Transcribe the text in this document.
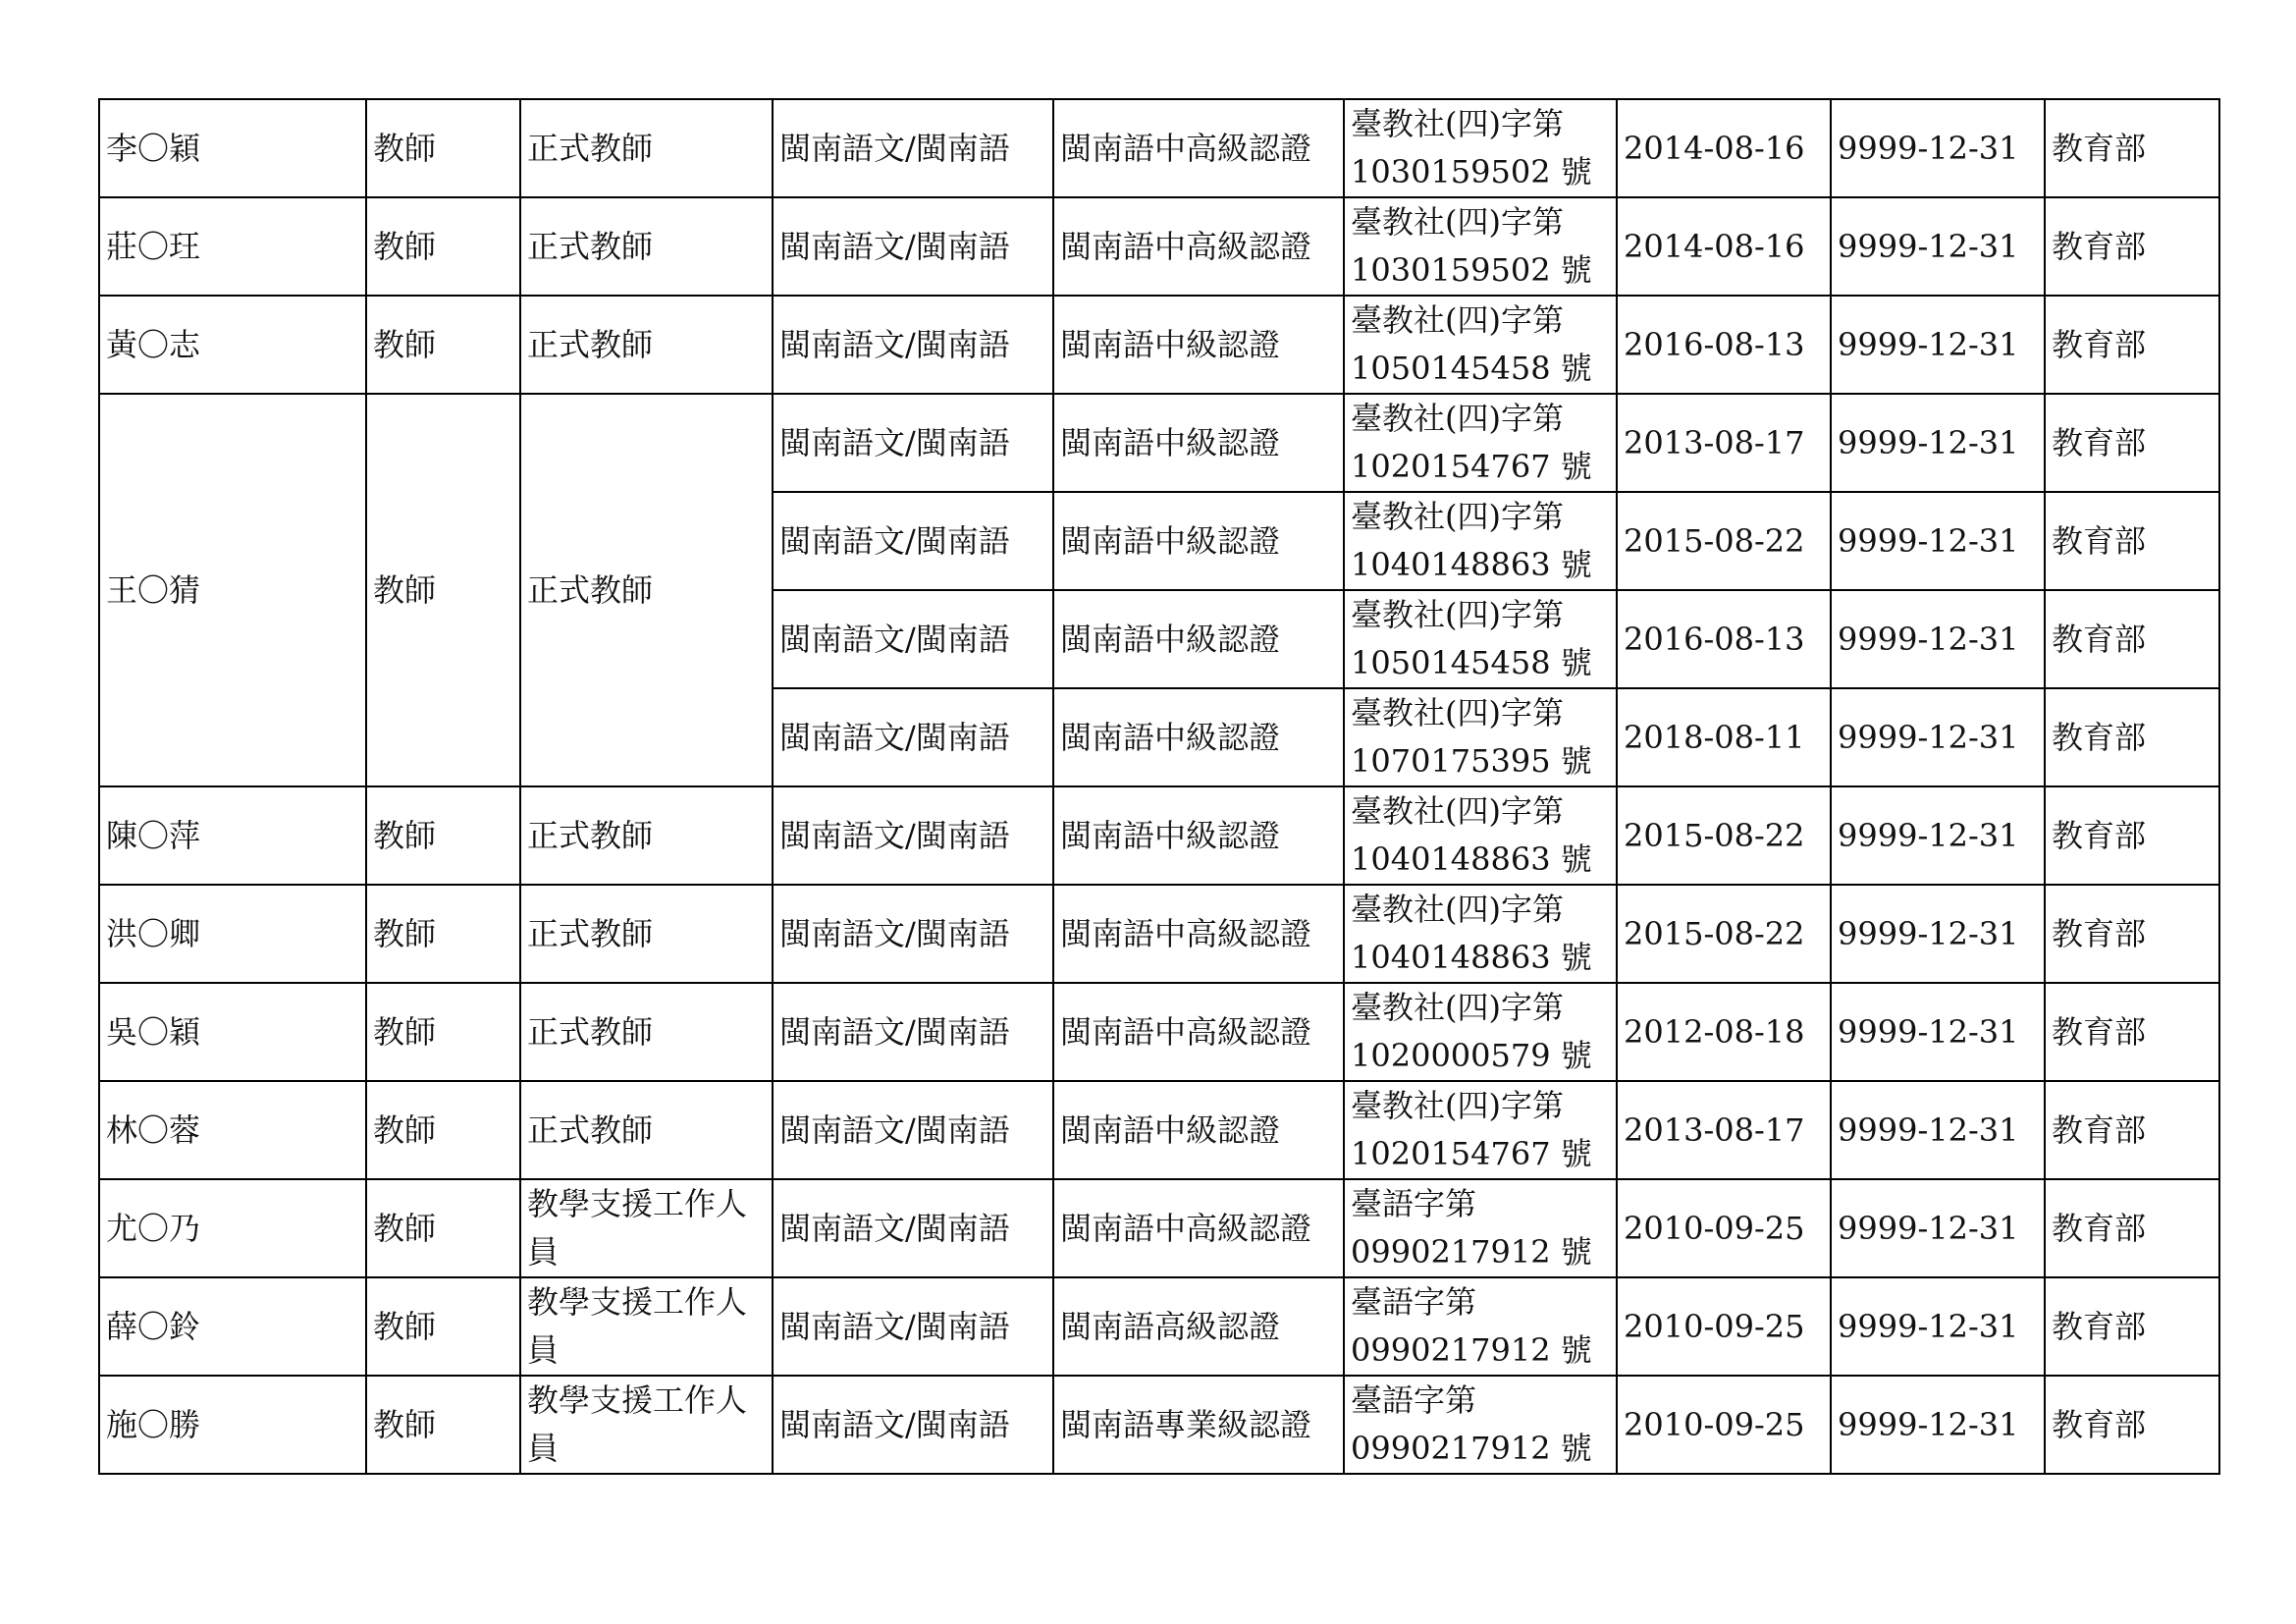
李〇穎	教師	正式教師	閩南語文/閩南語	閩南語中高級認證	臺教社(四)字第
1030159502 號	2014-08-16	9999-12-31	教育部
莊〇玨	教師	正式教師	閩南語文/閩南語	閩南語中高級認證	臺教社(四)字第
1030159502 號	2014-08-16	9999-12-31	教育部
黃〇志	教師	正式教師	閩南語文/閩南語	閩南語中級認證	臺教社(四)字第
1050145458 號	2016-08-13	9999-12-31	教育部
王〇猜	教師	正式教師	閩南語文/閩南語	閩南語中級認證	臺教社(四)字第
1020154767 號	2013-08-17	9999-12-31	教育部
			閩南語文/閩南語	閩南語中級認證	臺教社(四)字第
1040148863 號	2015-08-22	9999-12-31	教育部
			閩南語文/閩南語	閩南語中級認證	臺教社(四)字第
1050145458 號	2016-08-13	9999-12-31	教育部
			閩南語文/閩南語	閩南語中級認證	臺教社(四)字第
1070175395 號	2018-08-11	9999-12-31	教育部
陳〇萍	教師	正式教師	閩南語文/閩南語	閩南語中級認證	臺教社(四)字第
1040148863 號	2015-08-22	9999-12-31	教育部
洪〇卿	教師	正式教師	閩南語文/閩南語	閩南語中高級認證	臺教社(四)字第
1040148863 號	2015-08-22	9999-12-31	教育部
吳〇穎	教師	正式教師	閩南語文/閩南語	閩南語中高級認證	臺教社(四)字第
1020000579 號	2012-08-18	9999-12-31	教育部
林〇蓉	教師	正式教師	閩南語文/閩南語	閩南語中級認證	臺教社(四)字第
1020154767 號	2013-08-17	9999-12-31	教育部
尤〇乃	教師	教學支援工作人員	閩南語文/閩南語	閩南語中高級認證	臺語字第
0990217912 號	2010-09-25	9999-12-31	教育部
薛〇鈴	教師	教學支援工作人員	閩南語文/閩南語	閩南語高級認證	臺語字第
0990217912 號	2010-09-25	9999-12-31	教育部
施〇勝	教師	教學支援工作人員	閩南語文/閩南語	閩南語專業級認證	臺語字第
0990217912 號	2010-09-25	9999-12-31	教育部
